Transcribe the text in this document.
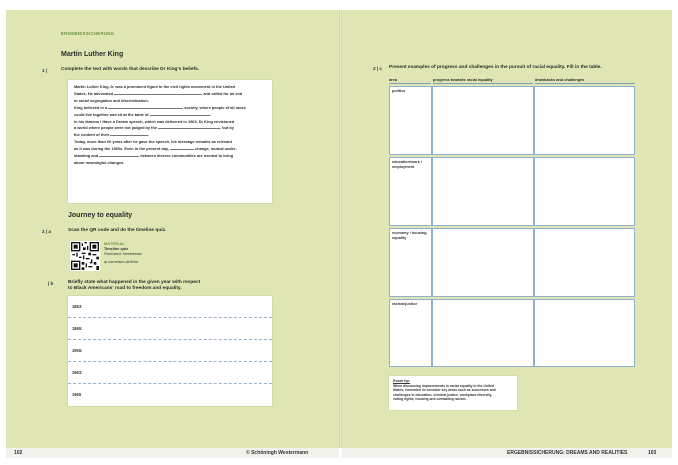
ERGEBNISSICHERUNG
Martin Luther King
1 |	Complete the text with words that describe Dr King's beliefs.
Martin Luther King Jr. was a prominent figure in the civil rights movement in the United
States. He advocated	and called for an end
to racial segregation and discrimination.
King believed in a	society, where people of all races
could live together and sit at the table of	.
In his famous I Have a Dream speech, which was delivered in 1963, Dr King envisioned
a world where people were not judged by the	, but by
the content of their	.
Today, more than 60 years after he gave the speech, his message remains as relevant
as it was during the 1960s. Even in the present day,	change, mutual under-
standing and	between diverse communities are needed to bring
about meaningful changes.
Journey to equality
2 | a	Scan the QR code and do the timeline quiz.
MATERIAL
Timeline quiz
Password: freeedream
qr.cornelsen.de/tl4ut
| b	Briefly state what happened in the given year with respect
to Black Americans' road to freedom and equality.
1863:
1865:
1955:
1963:
1965
2 | c Present examples of progress and challenges in the pursuit of racial equality. Fill in the table.
area	progress towards racial equality	drawbacks and challenges
politics
education/work / employment
economy / housing equality
racism/justice
Exam tip:
When discussing improvements in racial equality in the United
States, remember to consider key areas such as successes and
challenges in education, criminal justice, workplace diversity,
voting rights, housing and combating racism.
102	© Schöningh Westermann	ERGEBNISSICHERUNG: DREAMS AND REALITIES	103
